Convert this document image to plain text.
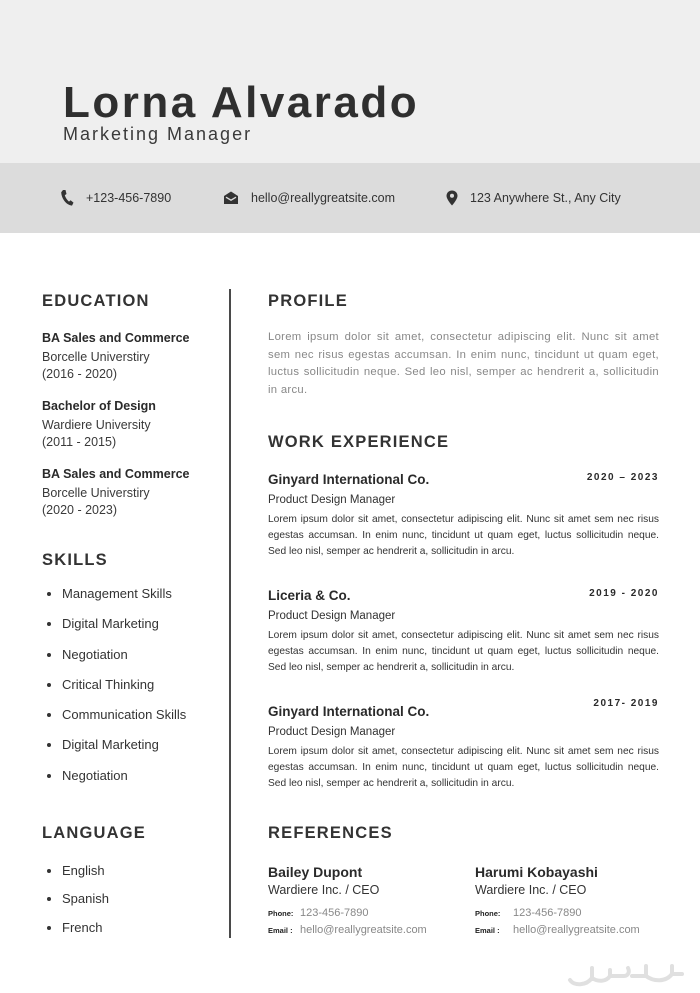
Lorna Alvarado
Marketing Manager
+123-456-7890	hello@reallygreatsite.com	123 Anywhere St., Any City
EDUCATION
BA Sales and Commerce
Borcelle Universtiry
(2016 - 2020)
Bachelor of Design
Wardiere University
(2011 - 2015)
BA Sales and Commerce
Borcelle Universtiry
(2020 - 2023)
SKILLS
Management Skills
Digital Marketing
Negotiation
Critical Thinking
Communication Skills
Digital Marketing
Negotiation
LANGUAGE
English
Spanish
French
PROFILE
Lorem ipsum dolor sit amet, consectetur adipiscing elit. Nunc sit amet sem nec risus egestas accumsan. In enim nunc, tincidunt ut quam eget, luctus sollicitudin neque. Sed leo nisl, semper ac hendrerit a, sollicitudin in arcu.
WORK EXPERIENCE
Ginyard International Co.	2020 – 2023
Product Design Manager
Lorem ipsum dolor sit amet, consectetur adipiscing elit. Nunc sit amet sem nec risus egestas accumsan. In enim nunc, tincidunt ut quam eget, luctus sollicitudin neque. Sed leo nisl, semper ac hendrerit a, sollicitudin in arcu.
Liceria & Co.	2019 - 2020
Product Design Manager
Lorem ipsum dolor sit amet, consectetur adipiscing elit. Nunc sit amet sem nec risus egestas accumsan. In enim nunc, tincidunt ut quam eget, luctus sollicitudin neque. Sed leo nisl, semper ac hendrerit a, sollicitudin in arcu.
Ginyard International Co.
2017- 2019
Product Design Manager
Lorem ipsum dolor sit amet, consectetur adipiscing elit. Nunc sit amet sem nec risus egestas accumsan. In enim nunc, tincidunt ut quam eget, luctus sollicitudin neque. Sed leo nisl, semper ac hendrerit a, sollicitudin in arcu.
REFERENCES
Bailey Dupont
Wardiere Inc. / CEO
Phone: 123-456-7890
Email : hello@reallygreatsite.com
Harumi Kobayashi
Wardiere Inc. / CEO
Phone:	123-456-7890
Email :	hello@reallygreatsite.com
